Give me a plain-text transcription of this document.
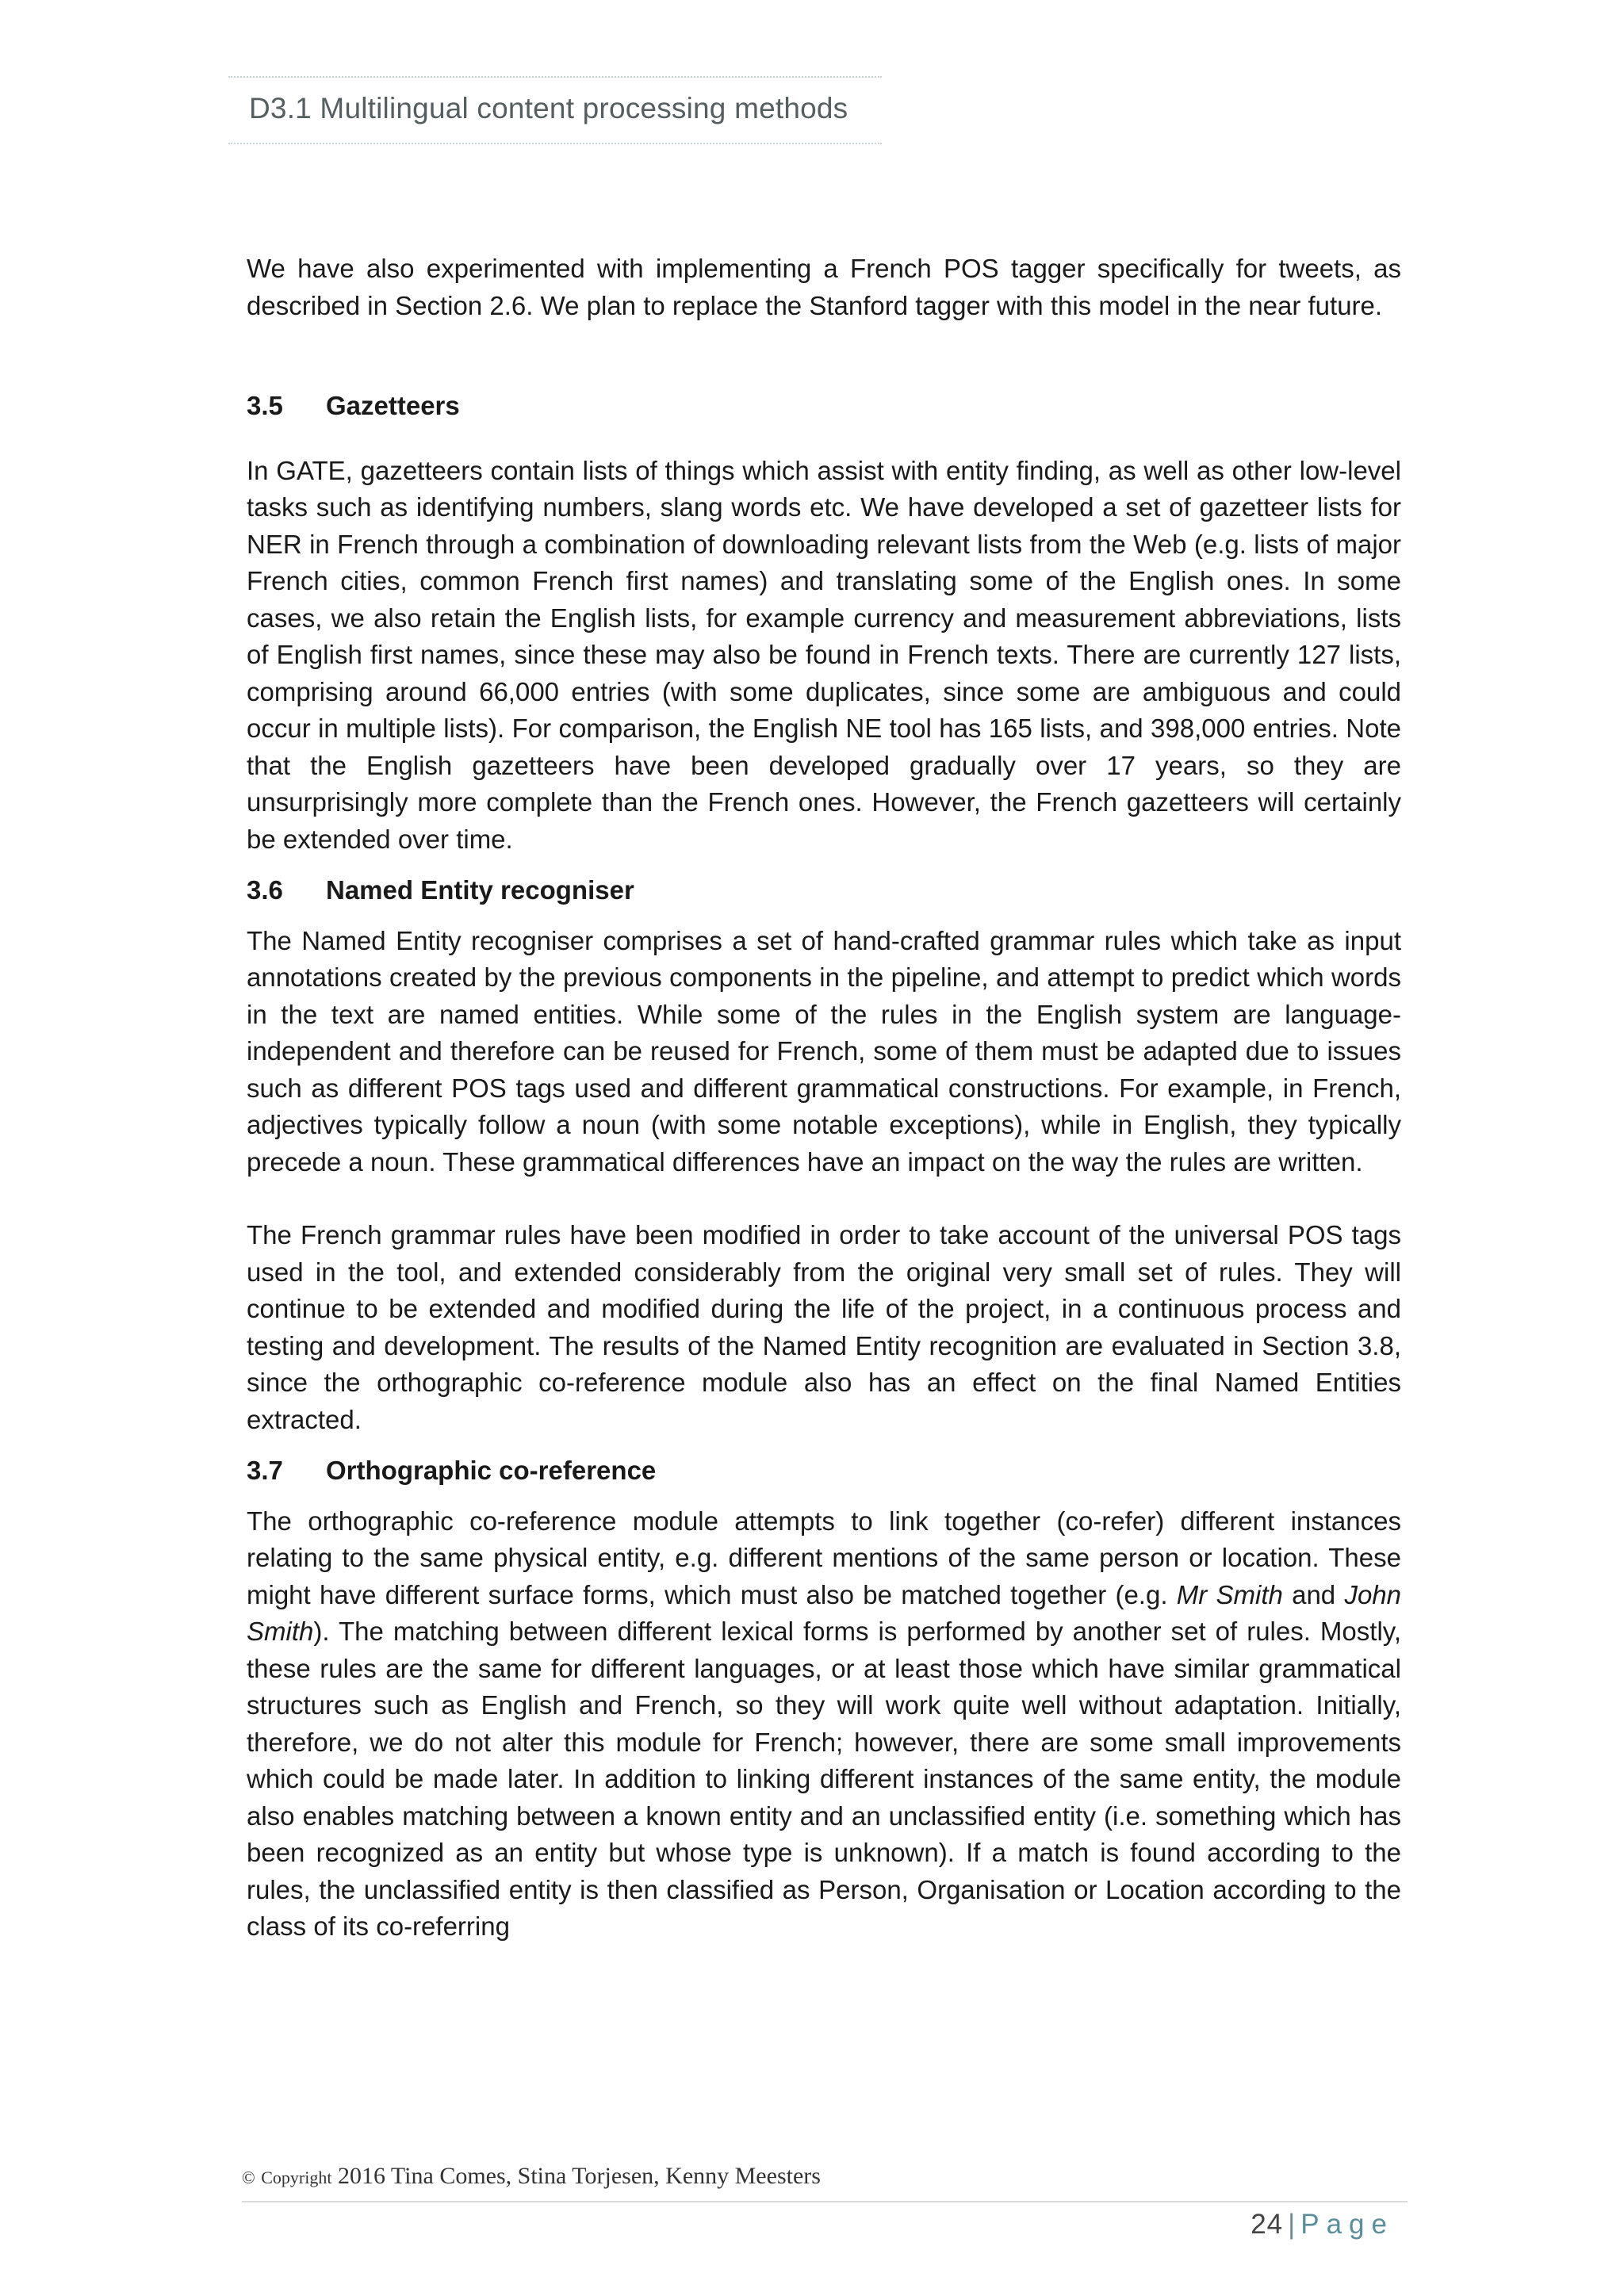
D3.1 Multilingual content processing methods

We have also experimented with implementing a French POS tagger specifically for tweets, as described in Section 2.6. We plan to replace the Stanford tagger with this model in the near future.

3.5	Gazetteers

In GATE, gazetteers contain lists of things which assist with entity finding, as well as other low-level tasks such as identifying numbers, slang words etc. We have developed a set of gazetteer lists for NER in French through a combination of downloading relevant lists from the Web (e.g. lists of major French cities, common French first names) and translating some of the English ones. In some cases, we also retain the English lists, for example currency and measurement abbreviations, lists of English first names, since these may also be found in French texts. There are currently 127 lists, comprising around 66,000 entries (with some duplicates, since some are ambiguous and could occur in multiple lists). For comparison, the English NE tool has 165 lists, and 398,000 entries. Note that the English gazetteers have been developed gradually over 17 years, so they are unsurprisingly more complete than the French ones. However, the French gazetteers will certainly be extended over time.

3.6	Named Entity recogniser

The Named Entity recogniser comprises a set of hand-crafted grammar rules which take as input annotations created by the previous components in the pipeline, and attempt to predict which words in the text are named entities. While some of the rules in the English system are language-independent and therefore can be reused for French, some of them must be adapted due to issues such as different POS tags used and different grammatical constructions. For example, in French, adjectives typically follow a noun (with some notable exceptions), while in English, they typically precede a noun. These grammatical differences have an impact on the way the rules are written.

The French grammar rules have been modified in order to take account of the universal POS tags used in the tool, and extended considerably from the original very small set of rules. They will continue to be extended and modified during the life of the project, in a continuous process and testing and development. The results of the Named Entity recognition are evaluated in Section 3.8, since the orthographic co-reference module also has an effect on the final Named Entities extracted.

3.7	Orthographic co-reference

The orthographic co-reference module attempts to link together (co-refer) different instances relating to the same physical entity, e.g. different mentions of the same person or location. These might have different surface forms, which must also be matched together (e.g. Mr Smith and John Smith). The matching between different lexical forms is performed by another set of rules. Mostly, these rules are the same for different languages, or at least those which have similar grammatical structures such as English and French, so they will work quite well without adaptation. Initially, therefore, we do not alter this module for French; however, there are some small improvements which could be made later. In addition to linking different instances of the same entity, the module also enables matching between a known entity and an unclassified entity (i.e. something which has been recognized as an entity but whose type is unknown). If a match is found according to the rules, the unclassified entity is then classified as Person, Organisation or Location according to the class of its co-referring

© Copyright 2016 Tina Comes, Stina Torjesen, Kenny Meesters
24 | Page
